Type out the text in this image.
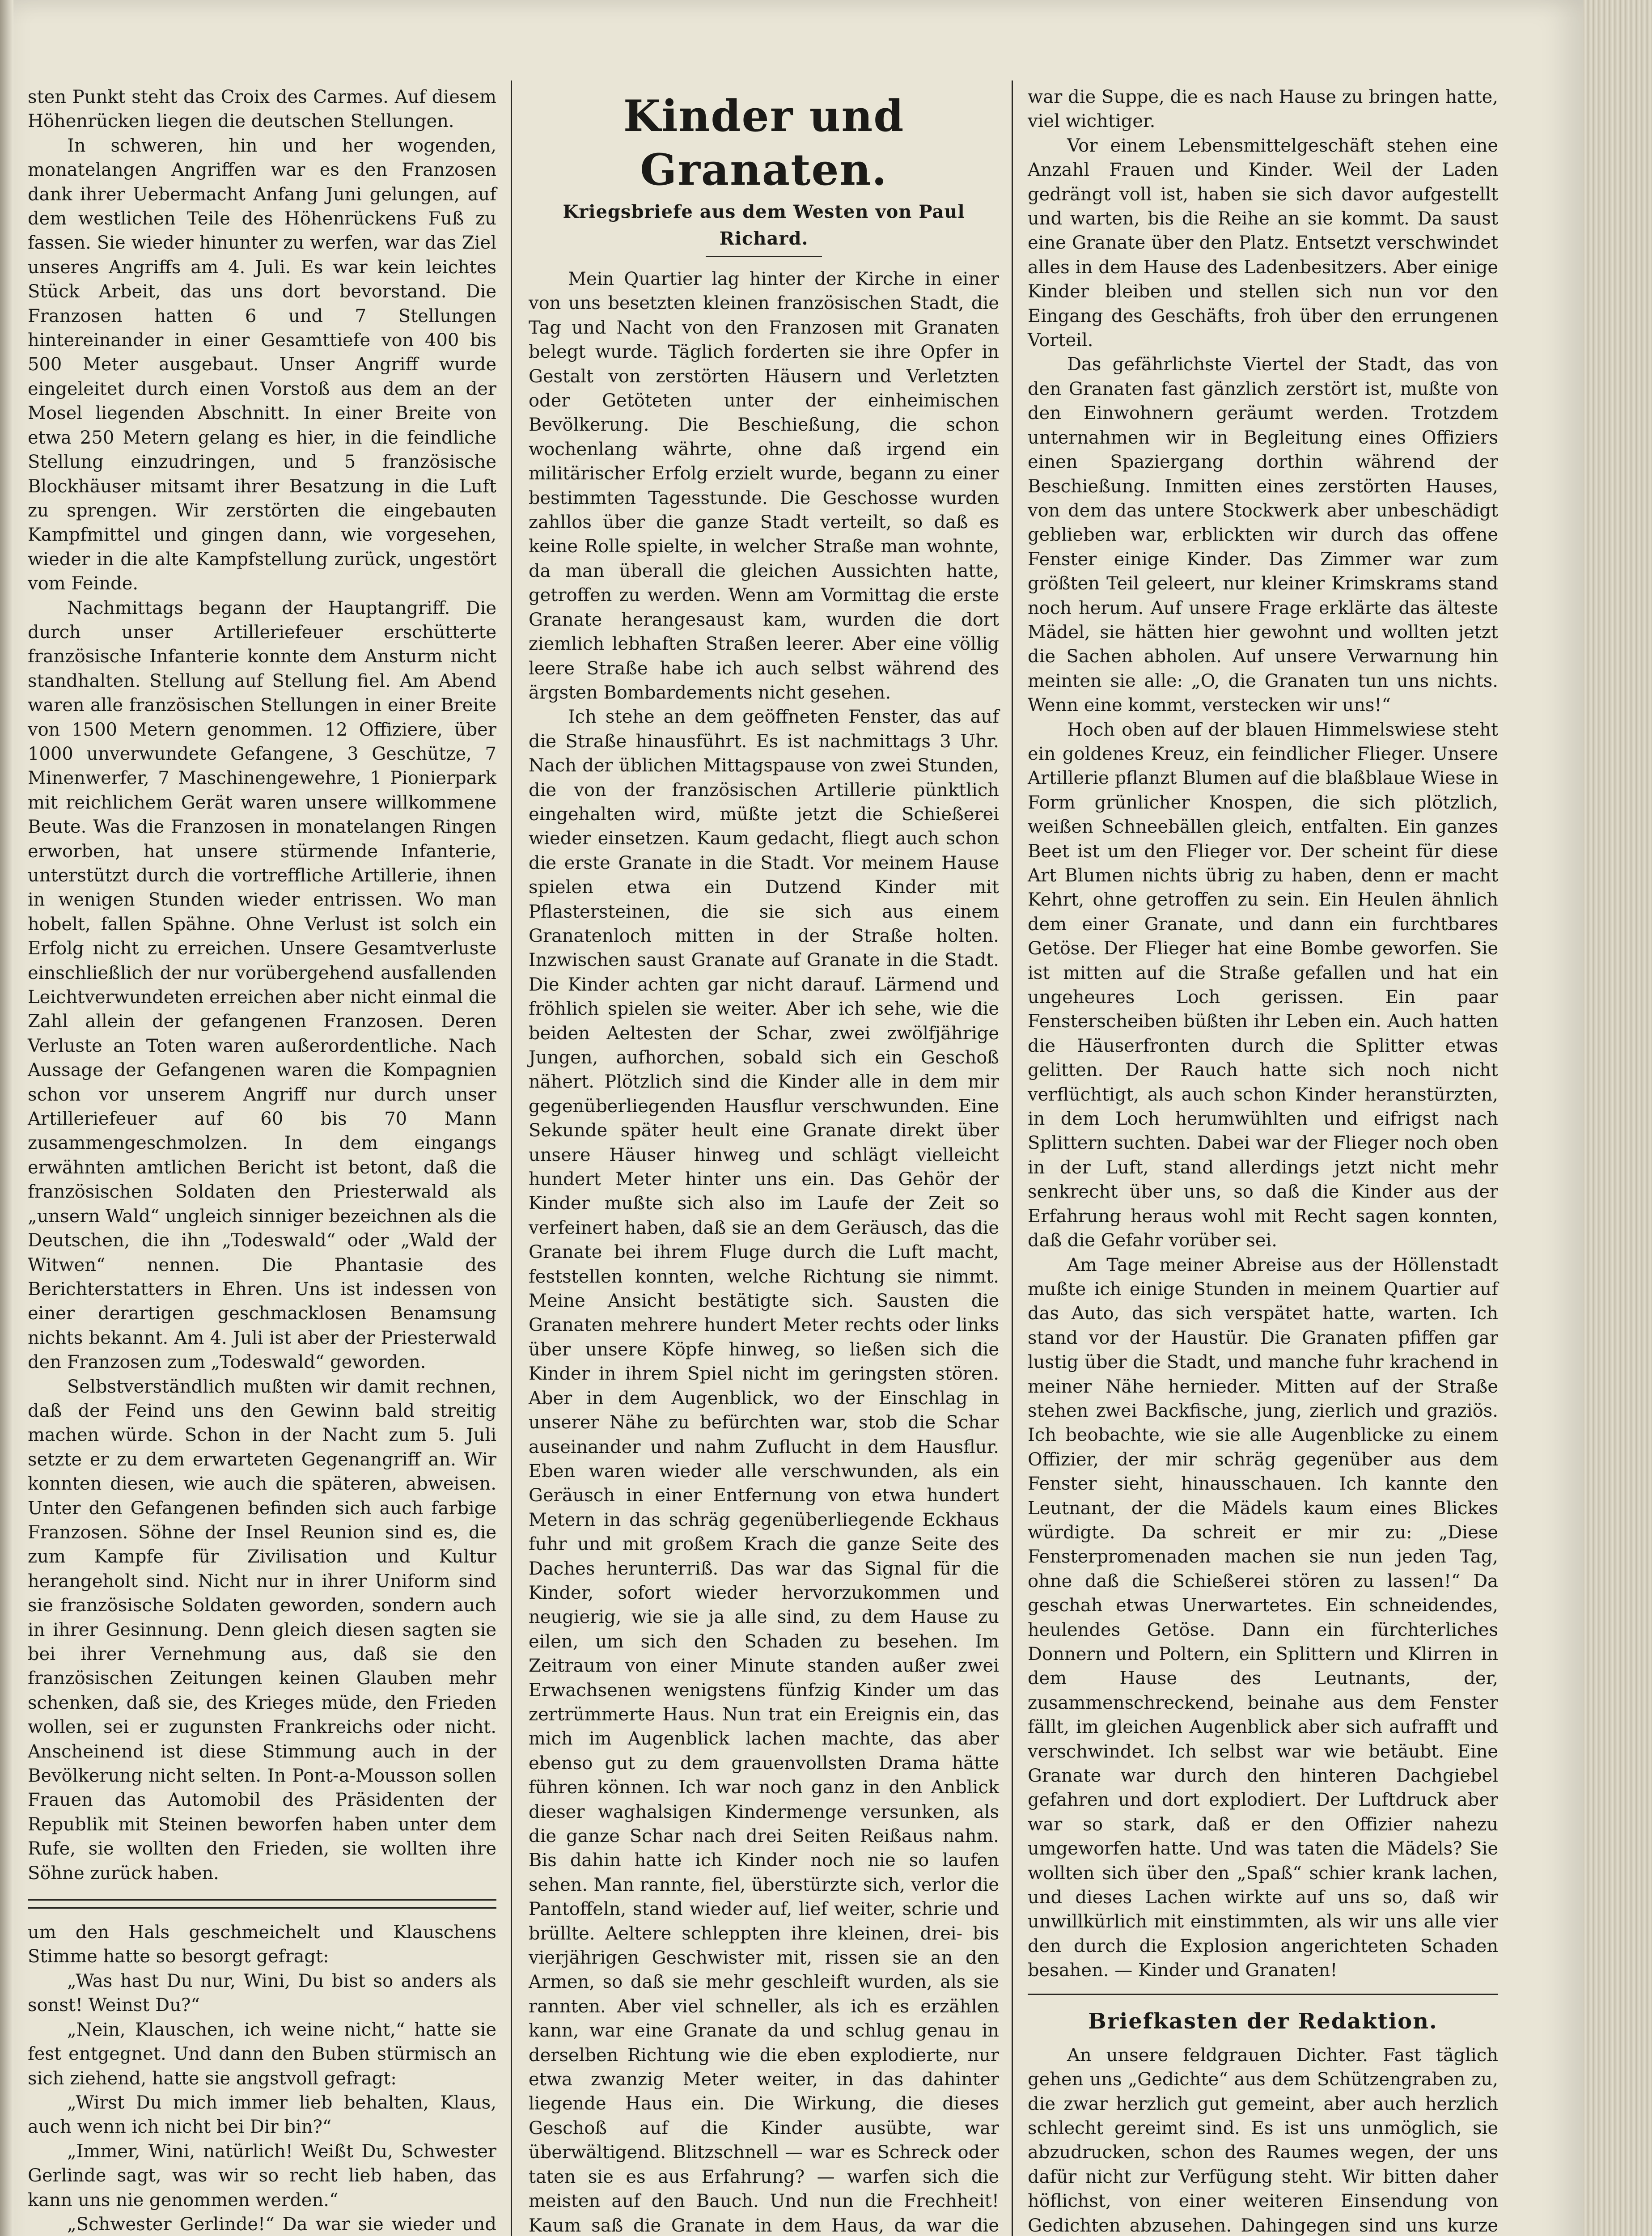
sten Punkt steht das Croix des Carmes. Auf diesem Höhenrücken liegen die deutschen Stellungen.

In schweren, hin und her wogenden, monatelangen Angriffen war es den Franzosen dank ihrer Uebermacht Anfang Juni gelungen, auf dem westlichen Teile des Höhenrückens Fuß zu fassen. Sie wieder hinunter zu werfen, war das Ziel unseres Angriffs am 4. Juli. Es war kein leichtes Stück Arbeit, das uns dort bevorstand. Die Franzosen hatten 6 und 7 Stellungen hintereinander in einer Gesamttiefe von 400 bis 500 Meter ausgebaut. Unser Angriff wurde eingeleitet durch einen Vorstoß aus dem an der Mosel liegenden Abschnitt. In einer Breite von etwa 250 Metern gelang es hier, in die feindliche Stellung einzudringen, und 5 französische Blockhäuser mitsamt ihrer Besatzung in die Luft zu sprengen. Wir zerstörten die eingebauten Kampfmittel und gingen dann, wie vorgesehen, wieder in die alte Kampfstellung zurück, ungestört vom Feinde.

Nachmittags begann der Hauptangriff. Die durch unser Artilleriefeuer erschütterte französische Infanterie konnte dem Ansturm nicht standhalten. Stellung auf Stellung fiel. Am Abend waren alle französischen Stellungen in einer Breite von 1500 Metern genommen. 12 Offiziere, über 1000 unverwundete Gefangene, 3 Geschütze, 7 Minenwerfer, 7 Maschinengewehre, 1 Pionierpark mit reichlichem Gerät waren unsere willkommene Beute. Was die Franzosen in monatelangen Ringen erworben, hat unsere stürmende Infanterie, unterstützt durch die vortreffliche Artillerie, ihnen in wenigen Stunden wieder entrissen. Wo man hobelt, fallen Spähne. Ohne Verlust ist solch ein Erfolg nicht zu erreichen. Unsere Gesamtverluste einschließlich der nur vorübergehend ausfallenden Leichtverwundeten erreichen aber nicht einmal die Zahl allein der gefangenen Franzosen. Deren Verluste an Toten waren außerordentliche. Nach Aussage der Gefangenen waren die Kompagnien schon vor unserem Angriff nur durch unser Artilleriefeuer auf 60 bis 70 Mann zusammengeschmolzen. In dem eingangs erwähnten amtlichen Bericht ist betont, daß die französischen Soldaten den Priesterwald als „unsern Wald“ ungleich sinniger bezeichnen als die Deutschen, die ihn „Todeswald“ oder „Wald der Witwen“ nennen. Die Phantasie des Berichterstatters in Ehren. Uns ist indessen von einer derartigen geschmacklosen Benamsung nichts bekannt. Am 4. Juli ist aber der Priesterwald den Franzosen zum „Todeswald“ geworden.

Selbstverständlich mußten wir damit rechnen, daß der Feind uns den Gewinn bald streitig machen würde. Schon in der Nacht zum 5. Juli setzte er zu dem erwarteten Gegenangriff an. Wir konnten diesen, wie auch die späteren, abweisen. Unter den Gefangenen befinden sich auch farbige Franzosen. Söhne der Insel Reunion sind es, die zum Kampfe für Zivilisation und Kultur herangeholt sind. Nicht nur in ihrer Uniform sind sie französische Soldaten geworden, sondern auch in ihrer Gesinnung. Denn gleich diesen sagten sie bei ihrer Vernehmung aus, daß sie den französischen Zeitungen keinen Glauben mehr schenken, daß sie, des Krieges müde, den Frieden wollen, sei er zugunsten Frankreichs oder nicht. Anscheinend ist diese Stimmung auch in der Bevölkerung nicht selten. In Pont-a-Mousson sollen Frauen das Automobil des Präsidenten der Republik mit Steinen beworfen haben unter dem Rufe, sie wollten den Frieden, sie wollten ihre Söhne zurück haben.

um den Hals geschmeichelt und Klauschens Stimme hatte so besorgt gefragt:

„Was hast Du nur, Wini, Du bist so anders als sonst! Weinst Du?“

„Nein, Klauschen, ich weine nicht,“ hatte sie fest entgegnet. Und dann den Buben stürmisch an sich ziehend, hatte sie angstvoll gefragt:

„Wirst Du mich immer lieb behalten, Klaus, auch wenn ich nicht bei Dir bin?“

„Immer, Wini, natürlich! Weißt Du, Schwester Gerlinde sagt, was wir so recht lieb haben, das kann uns nie genommen werden.“

„Schwester Gerlinde!“ Da war sie wieder und

Kinder und Granaten.
Kriegsbriefe aus dem Westen von Paul Richard.

Mein Quartier lag hinter der Kirche in einer von uns besetzten kleinen französischen Stadt, die Tag und Nacht von den Franzosen mit Granaten belegt wurde. Täglich forderten sie ihre Opfer in Gestalt von zerstörten Häusern und Verletzten oder Getöteten unter der einheimischen Bevölkerung. Die Beschießung, die schon wochenlang währte, ohne daß irgend ein militärischer Erfolg erzielt wurde, begann zu einer bestimmten Tagesstunde. Die Geschosse wurden zahllos über die ganze Stadt verteilt, so daß es keine Rolle spielte, in welcher Straße man wohnte, da man überall die gleichen Aussichten hatte, getroffen zu werden. Wenn am Vormittag die erste Granate herangesaust kam, wurden die dort ziemlich lebhaften Straßen leerer. Aber eine völlig leere Straße habe ich auch selbst während des ärgsten Bombardements nicht gesehen.

Ich stehe an dem geöffneten Fenster, das auf die Straße hinausführt. Es ist nachmittags 3 Uhr. Nach der üblichen Mittagspause von zwei Stunden, die von der französischen Artillerie pünktlich eingehalten wird, müßte jetzt die Schießerei wieder einsetzen. Kaum gedacht, fliegt auch schon die erste Granate in die Stadt. Vor meinem Hause spielen etwa ein Dutzend Kinder mit Pflastersteinen, die sie sich aus einem Granatenloch mitten in der Straße holten. Inzwischen saust Granate auf Granate in die Stadt. Die Kinder achten gar nicht darauf. Lärmend und fröhlich spielen sie weiter. Aber ich sehe, wie die beiden Aeltesten der Schar, zwei zwölfjährige Jungen, aufhorchen, sobald sich ein Geschoß nähert. Plötzlich sind die Kinder alle in dem mir gegenüberliegenden Hausflur verschwunden. Eine Sekunde später heult eine Granate direkt über unsere Häuser hinweg und schlägt vielleicht hundert Meter hinter uns ein. Das Gehör der Kinder mußte sich also im Laufe der Zeit so verfeinert haben, daß sie an dem Geräusch, das die Granate bei ihrem Fluge durch die Luft macht, feststellen konnten, welche Richtung sie nimmt. Meine Ansicht bestätigte sich. Sausten die Granaten mehrere hundert Meter rechts oder links über unsere Köpfe hinweg, so ließen sich die Kinder in ihrem Spiel nicht im geringsten stören. Aber in dem Augenblick, wo der Einschlag in unserer Nähe zu befürchten war, stob die Schar auseinander und nahm Zuflucht in dem Hausflur. Eben waren wieder alle verschwunden, als ein Geräusch in einer Entfernung von etwa hundert Metern in das schräg gegenüberliegende Eckhaus fuhr und mit großem Krach die ganze Seite des Daches herunterriß. Das war das Signal für die Kinder, sofort wieder hervorzukommen und neugierig, wie sie ja alle sind, zu dem Hause zu eilen, um sich den Schaden zu besehen. Im Zeitraum von einer Minute standen außer zwei Erwachsenen wenigstens fünfzig Kinder um das zertrümmerte Haus. Nun trat ein Ereignis ein, das mich im Augenblick lachen machte, das aber ebenso gut zu dem grauenvollsten Drama hätte führen können. Ich war noch ganz in den Anblick dieser waghalsigen Kindermenge versunken, als die ganze Schar nach drei Seiten Reißaus nahm. Bis dahin hatte ich Kinder noch nie so laufen sehen. Man rannte, fiel, überstürzte sich, verlor die Pantoffeln, stand wieder auf, lief weiter, schrie und brüllte. Aeltere schleppten ihre kleinen, drei- bis vierjährigen Geschwister mit, rissen sie an den Armen, so daß sie mehr geschleift wurden, als sie rannten. Aber viel schneller, als ich es erzählen kann, war eine Granate da und schlug genau in derselben Richtung wie die eben explodierte, nur etwa zwanzig Meter weiter, in das dahinter liegende Haus ein. Die Wirkung, die dieses Geschoß auf die Kinder ausübte, war überwältigend. Blitzschnell — war es Schreck oder taten sie es aus Erfahrung? — warfen sich die meisten auf den Bauch. Und nun die Frechheit! Kaum saß die Granate in dem Haus, da war die

war die Suppe, die es nach Hause zu bringen hatte, viel wichtiger.

Vor einem Lebensmittelgeschäft stehen eine Anzahl Frauen und Kinder. Weil der Laden gedrängt voll ist, haben sie sich davor aufgestellt und warten, bis die Reihe an sie kommt. Da saust eine Granate über den Platz. Entsetzt verschwindet alles in dem Hause des Ladenbesitzers. Aber einige Kinder bleiben und stellen sich nun vor den Eingang des Geschäfts, froh über den errungenen Vorteil.

Das gefährlichste Viertel der Stadt, das von den Granaten fast gänzlich zerstört ist, mußte von den Einwohnern geräumt werden. Trotzdem unternahmen wir in Begleitung eines Offiziers einen Spaziergang dorthin während der Beschießung. Inmitten eines zerstörten Hauses, von dem das untere Stockwerk aber unbeschädigt geblieben war, erblickten wir durch das offene Fenster einige Kinder. Das Zimmer war zum größten Teil geleert, nur kleiner Krimskrams stand noch herum. Auf unsere Frage erklärte das älteste Mädel, sie hätten hier gewohnt und wollten jetzt die Sachen abholen. Auf unsere Verwarnung hin meinten sie alle: „O, die Granaten tun uns nichts. Wenn eine kommt, verstecken wir uns!“

Hoch oben auf der blauen Himmelswiese steht ein goldenes Kreuz, ein feindlicher Flieger. Unsere Artillerie pflanzt Blumen auf die blaßblaue Wiese in Form grünlicher Knospen, die sich plötzlich, weißen Schneebällen gleich, entfalten. Ein ganzes Beet ist um den Flieger vor. Der scheint für diese Art Blumen nichts übrig zu haben, denn er macht Kehrt, ohne getroffen zu sein. Ein Heulen ähnlich dem einer Granate, und dann ein furchtbares Getöse. Der Flieger hat eine Bombe geworfen. Sie ist mitten auf die Straße gefallen und hat ein ungeheures Loch gerissen. Ein paar Fensterscheiben büßten ihr Leben ein. Auch hatten die Häuserfronten durch die Splitter etwas gelitten. Der Rauch hatte sich noch nicht verflüchtigt, als auch schon Kinder heranstürzten, in dem Loch herumwühlten und eifrigst nach Splittern suchten. Dabei war der Flieger noch oben in der Luft, stand allerdings jetzt nicht mehr senkrecht über uns, so daß die Kinder aus der Erfahrung heraus wohl mit Recht sagen konnten, daß die Gefahr vorüber sei.

Am Tage meiner Abreise aus der Höllenstadt mußte ich einige Stunden in meinem Quartier auf das Auto, das sich verspätet hatte, warten. Ich stand vor der Haustür. Die Granaten pfiffen gar lustig über die Stadt, und manche fuhr krachend in meiner Nähe hernieder. Mitten auf der Straße stehen zwei Backfische, jung, zierlich und graziös. Ich beobachte, wie sie alle Augenblicke zu einem Offizier, der mir schräg gegenüber aus dem Fenster sieht, hinausschauen. Ich kannte den Leutnant, der die Mädels kaum eines Blickes würdigte. Da schreit er mir zu: „Diese Fensterpromenaden machen sie nun jeden Tag, ohne daß die Schießerei stören zu lassen!“ Da geschah etwas Unerwartetes. Ein schneidendes, heulendes Getöse. Dann ein fürchterliches Donnern und Poltern, ein Splittern und Klirren in dem Hause des Leutnants, der, zusammenschreckend, beinahe aus dem Fenster fällt, im gleichen Augenblick aber sich aufrafft und verschwindet. Ich selbst war wie betäubt. Eine Granate war durch den hinteren Dachgiebel gefahren und dort explodiert. Der Luftdruck aber war so stark, daß er den Offizier nahezu umgeworfen hatte. Und was taten die Mädels? Sie wollten sich über den „Spaß“ schier krank lachen, und dieses Lachen wirkte auf uns so, daß wir unwillkürlich mit einstimmten, als wir uns alle vier den durch die Explosion angerichteten Schaden besahen. — Kinder und Granaten!

Briefkasten der Redaktion.

An unsere feldgrauen Dichter. Fast täglich gehen uns „Gedichte“ aus dem Schützengraben zu, die zwar herzlich gut gemeint, aber auch herzlich schlecht gereimt sind. Es ist uns unmöglich, sie abzudrucken, schon des Raumes wegen, der uns dafür nicht zur Verfügung steht. Wir bitten daher höflichst, von einer weiteren Einsendung von Gedichten abzusehen. Dahingegen sind uns kurze
